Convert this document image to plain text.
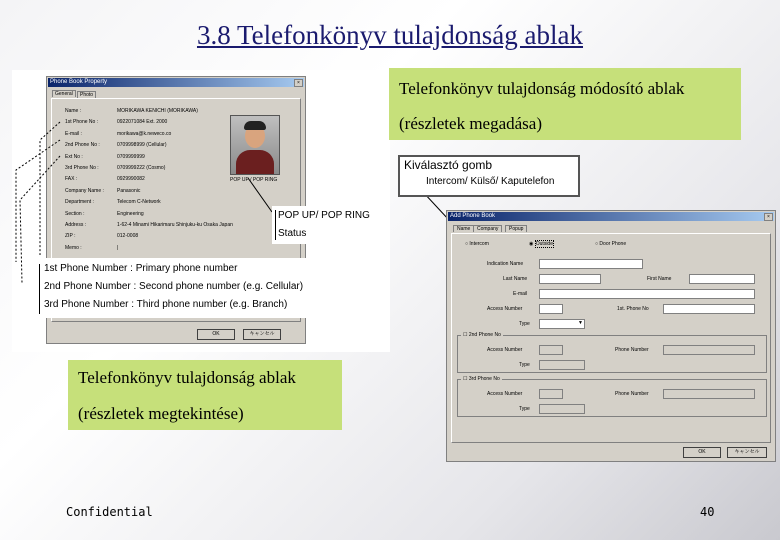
3.8 Telefonkönyv tulajdonság ablak
Phone Book Property	×
General	Photo
Name :	MORIKAWA KENICHI (MORIKAWA)
1st Phone No :	0922071084 Ext. 2000
E-mail :	morikawa@k.neweco.co
2nd Phone No :	0709998999 (Cellular)
Ext No :	0709999999
3rd Phone No :	0709999222 (Cosmo)
FAX :	0929990082
Company Name :	Panasonic
Department :	Telecom C-Network
Section :	Engineering
Address :	1-62-4 Minami Hikarimaru Shinjuku-ku Osaka Japan
ZIP :	012-0008
Memo :	|
POP UP / POP RING
OK	キャンセル
1st Phone Number : Primary phone number
2nd Phone Number : Second phone number (e.g. Cellular)
3rd Phone Number : Third phone number (e.g. Branch)
POP UP/ POP RING
Status
Telefonkönyv tulajdonság módosító ablak
(részletek megadása)
Kiválasztó gomb
Intercom/ Külső/ Kaputelefon
Add Phone Book	×
Name	Company	Popup
○ Intercom	◉ Outside	○ Door Phone
Indication Name
Last Name	First Name
E-mail
Access Number	1st. Phone No
Type	▼
☐ 2nd Phone No
Access Number	Phone Number
Type
☐ 3rd Phone No
Access Number	Phone Number
Type
OK	キャンセル
Telefonkönyv tulajdonság ablak
(részletek megtekintése)
Confidential	40
